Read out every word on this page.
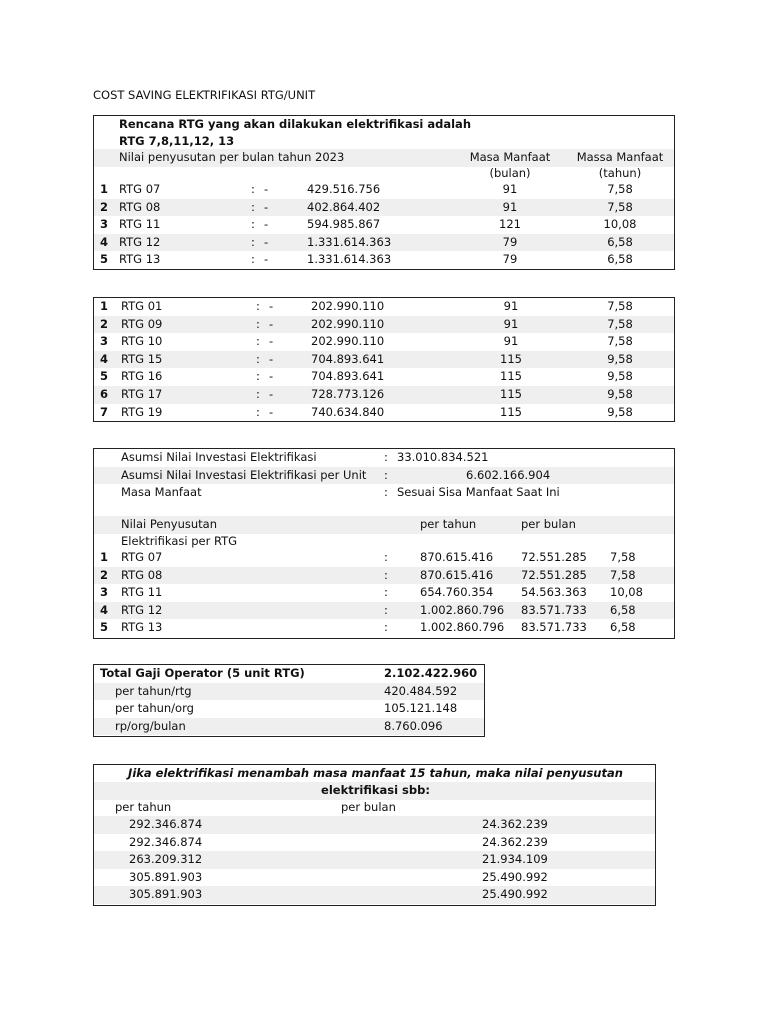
COST SAVING ELEKTRIFIKASI RTG/UNIT
Rencana RTG yang akan dilakukan elektrifikasi adalah
RTG 7,8,11,12, 13
Nilai penyusutan per bulan tahun 2023	Masa Manfaat	Massa Manfaat
(bulan)	(tahun)
1 RTG 07	: -	429.516.756	91	7,58
2 RTG 08	: -	402.864.402	91	7,58
3 RTG 11	: -	594.985.867	121	10,08
4 RTG 12	: -	1.331.614.363	79	6,58
5 RTG 13	: -	1.331.614.363	79	6,58
1 RTG 01	: -	202.990.110	91	7,58
2 RTG 09	: -	202.990.110	91	7,58
3 RTG 10	: -	202.990.110	91	7,58
4 RTG 15	: -	704.893.641	115	9,58
5 RTG 16	: -	704.893.641	115	9,58
6 RTG 17	: -	728.773.126	115	9,58
7 RTG 19	: -	740.634.840	115	9,58
Asumsi Nilai Investasi Elektrifikasi	: 33.010.834.521
Asumsi Nilai Investasi Elektrifikasi per Unit :	6.602.166.904
Masa Manfaat	: Sesuai Sisa Manfaat Saat Ini
Nilai Penyusutan	per tahun	per bulan
Elektrifikasi per RTG
1 RTG 07	:	870.615.416 72.551.285 7,58
2 RTG 08	:	870.615.416 72.551.285 7,58
3 RTG 11	:	654.760.354 54.563.363 10,08
4 RTG 12	:	1.002.860.796 83.571.733 6,58
5 RTG 13	:	1.002.860.796 83.571.733 6,58
Total Gaji Operator (5 unit RTG)	2.102.422.960
per tahun/rtg	420.484.592
per tahun/org	105.121.148
rp/org/bulan	8.760.096
Jika elektrifikasi menambah masa manfaat 15 tahun, maka nilai penyusutan
elektrifikasi sbb:
per tahun	per bulan
292.346.874	24.362.239
292.346.874	24.362.239
263.209.312	21.934.109
305.891.903	25.490.992
305.891.903	25.490.992
